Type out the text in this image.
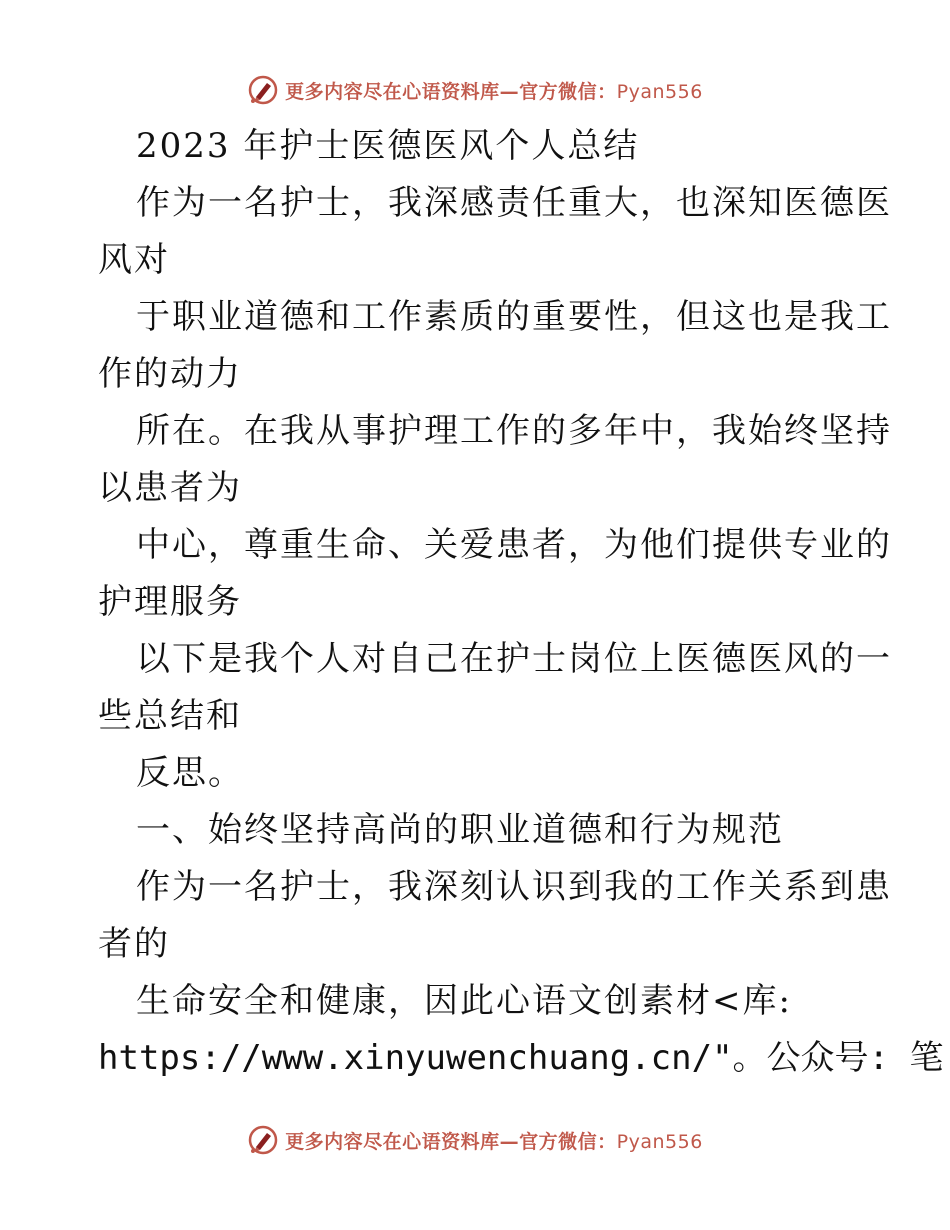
更多内容尽在心语资料库—官方微信：Pyan556
2023 年护士医德医风个人总结
作为一名护士，我深感责任重大，也深知医德医
风对
于职业道德和工作素质的重要性，但这也是我工
作的动力
所在。在我从事护理工作的多年中，我始终坚持
以患者为
中心，尊重生命、关爱患者，为他们提供专业的
护理服务
以下是我个人对自己在护士岗位上医德医风的一
些总结和
反思。
一、始终坚持高尚的职业道德和行为规范
作为一名护士，我深刻认识到我的工作关系到患
者的
生命安全和健康，因此心语文创素材<库:
https://www.xinyuwenchuang.cn/"。公众号: 笔
更多内容尽在心语资料库—官方微信：Pyan556
